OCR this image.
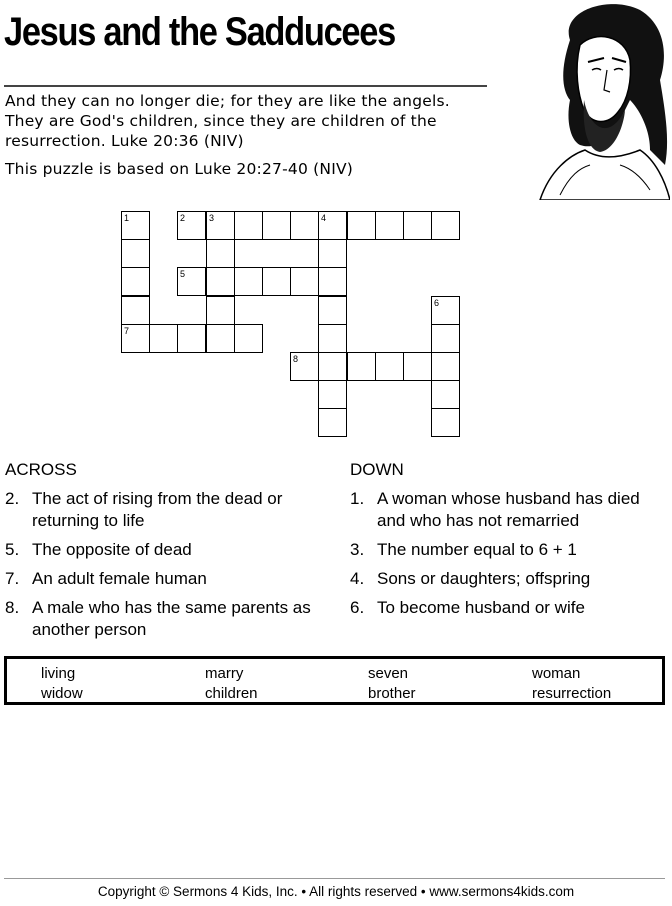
Jesus and the Sadducees
And they can no longer die; for they are like the angels. They are God's children, since they are children of the resurrection. Luke 20:36 (NIV)
This puzzle is based on Luke 20:27-40 (NIV)
1	2	3	4
5
6
7
8
ACROSS
2. The act of rising from the dead or returning to life
5. The opposite of dead
7. An adult female human
8. A male who has the same parents as another person
DOWN
1. A woman whose husband has died and who has not remarried
3. The number equal to 6 + 1
4. Sons or daughters; offspring
6. To become husband or wife
living	marry	seven	woman
widow	children	brother	resurrection
Copyright © Sermons 4 Kids, Inc. • All rights reserved • www.sermons4kids.com
